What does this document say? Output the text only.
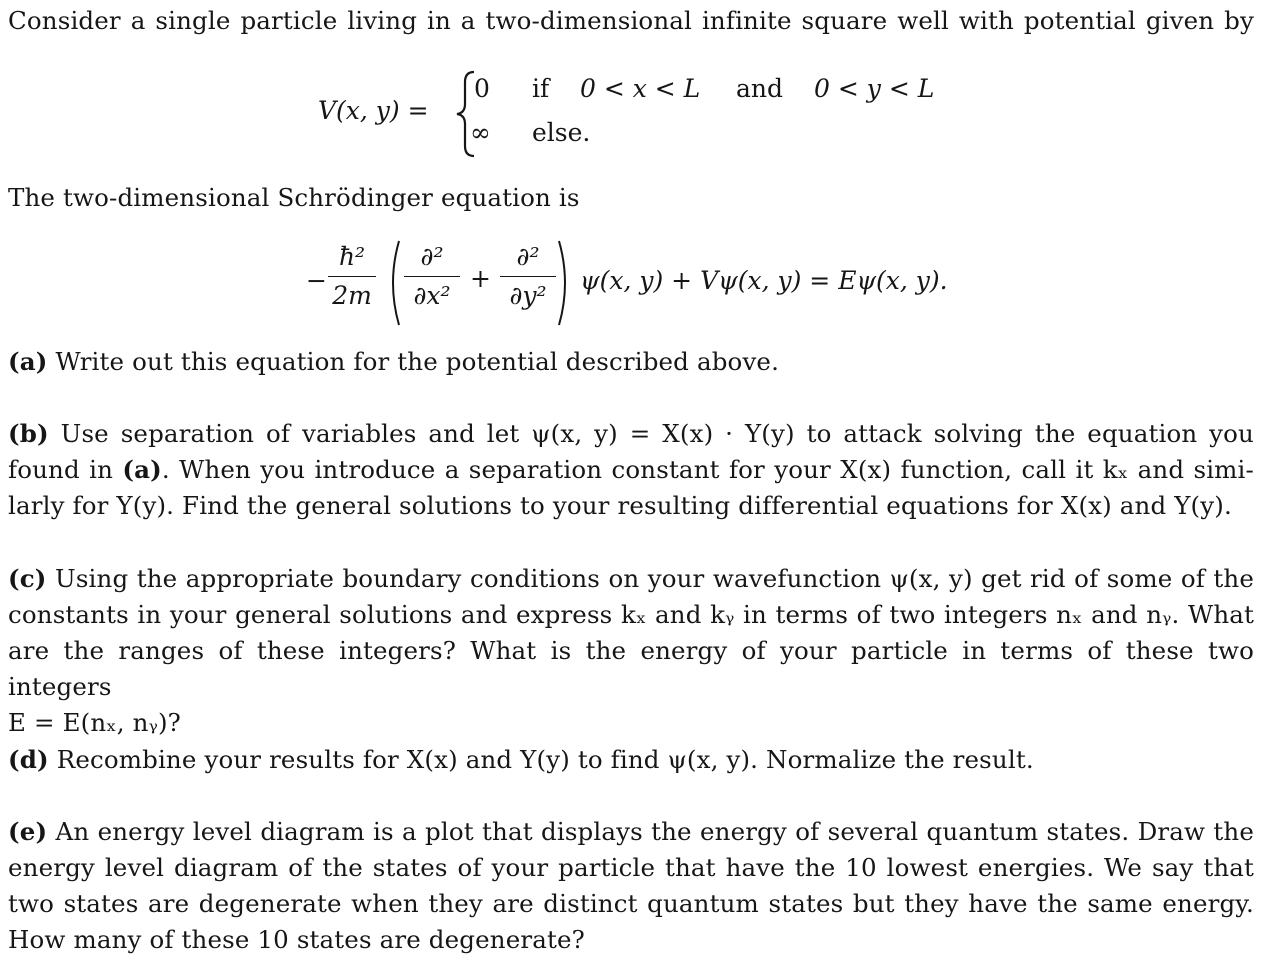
Consider a single particle living in a two-dimensional infinite square well with potential given by

V(x, y) =
0 if 0 < x < L and 0 < y < L
∞ else.

The two-dimensional Schrödinger equation is

−
ħ²
2m
∂²
∂x²
+
∂²
∂y²
ψ(x, y) + Vψ(x, y) = Eψ(x, y).

(a) Write out this equation for the potential described above.

(b) Use separation of variables and let ψ(x, y) = X(x) · Y(y) to attack solving the equation you
found in (a). When you introduce a separation constant for your X(x) function, call it kₓ and simi-
larly for Y(y). Find the general solutions to your resulting differential equations for X(x) and Y(y).

(c) Using the appropriate boundary conditions on your wavefunction ψ(x, y) get rid of some of the
constants in your general solutions and express kₓ and kᵧ in terms of two integers nₓ and nᵧ. What
are the ranges of these integers? What is the energy of your particle in terms of these two integers
E = E(nₓ, nᵧ)?

(d) Recombine your results for X(x) and Y(y) to find ψ(x, y). Normalize the result.

(e) An energy level diagram is a plot that displays the energy of several quantum states. Draw the
energy level diagram of the states of your particle that have the 10 lowest energies. We say that
two states are degenerate when they are distinct quantum states but they have the same energy.
How many of these 10 states are degenerate?
